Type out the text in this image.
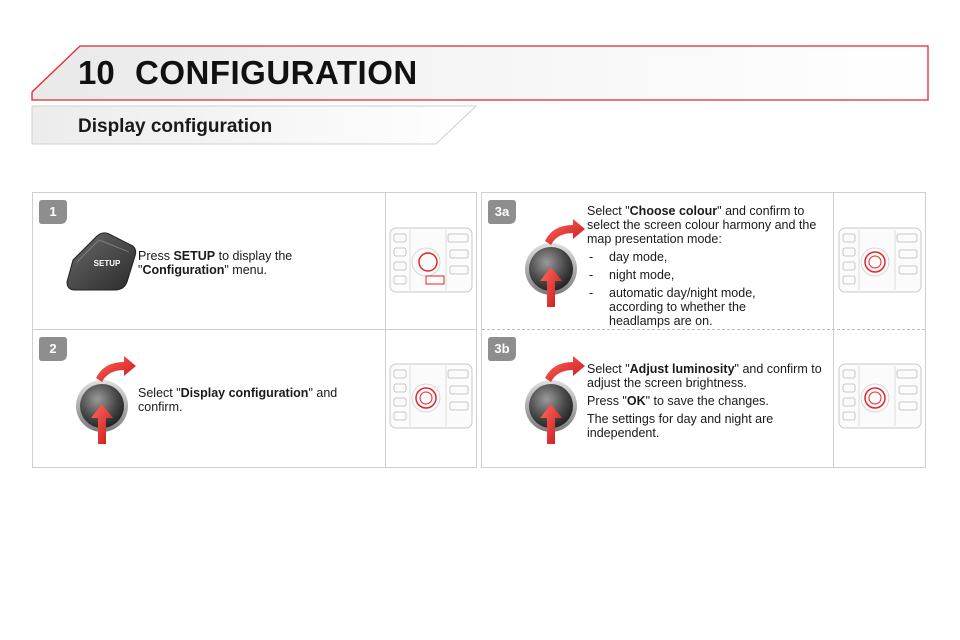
10 CONFIGURATION
Display configuration
1
2
3a
3b
SETUP
Press SETUP to display the "Configuration" menu.
Select "Display configuration" and confirm.

Select "Choose colour" and confirm to select the screen colour harmony and the map presentation mode:

- day mode,
- night mode,
- automatic day/night mode, according to whether the headlamps are on.

Select "Adjust luminosity" and confirm to adjust the screen brightness.

Press "OK" to save the changes.

The settings for day and night are independent.
